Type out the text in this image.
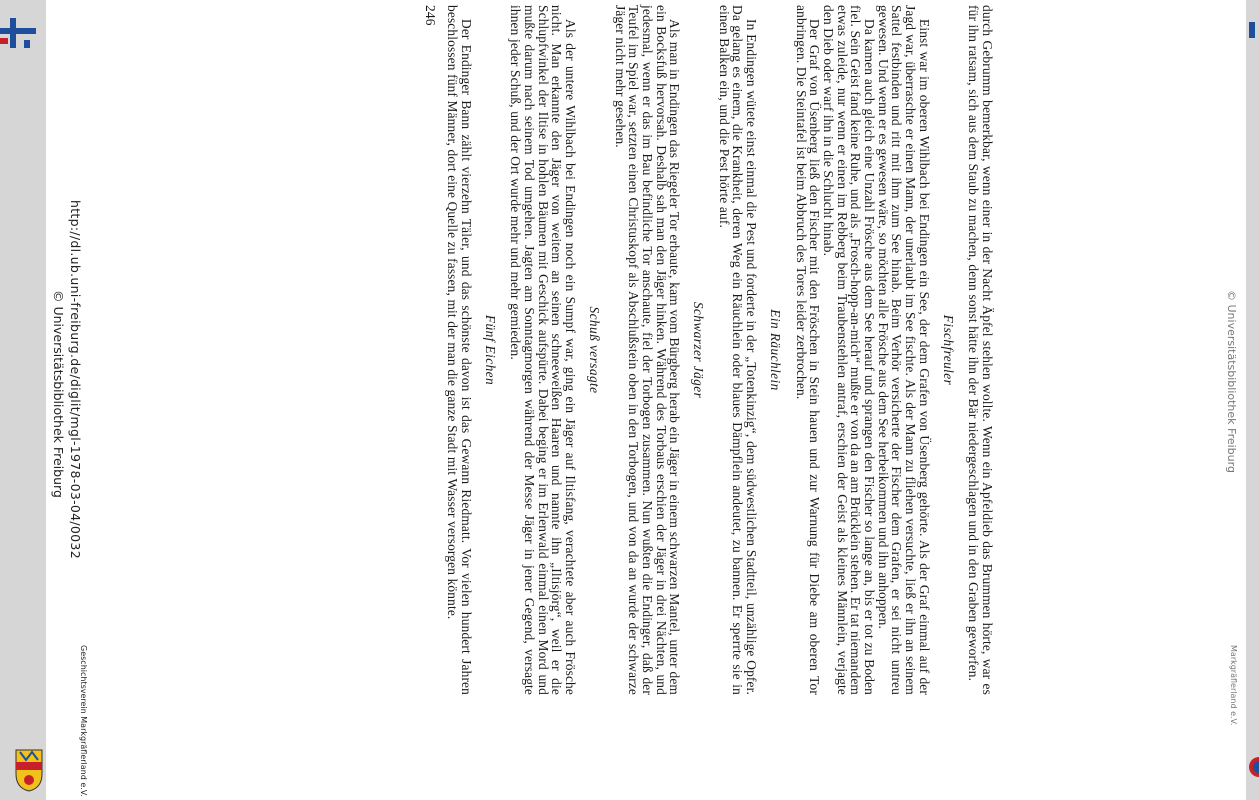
© Universitätsbibliothek Freiburg
Markgräflerland e.V.

durch Gebrumm bemerkbar, wenn einer in der Nacht Äpfel stehlen wollte. Wenn ein Apfeldieb das Brummen hörte, war es für ihn ratsam, sich aus dem Staub zu machen, denn sonst hätte ihn der Bär niedergeschlagen und in den Graben geworfen.

Fischfreuler

Einst war im oberen Wihlbach bei Endingen ein See, der dem Grafen von Üsenberg gehörte. Als der Graf einmal auf der Jagd war, überraschte er einen Mann, der unerlaubt im See fischte. Als der Mann zu fliehen versuchte, ließ er ihn an seinem Sattel festbinden und ritt mit ihm zum See hinab. Beim Verhör versicherte der Fischer dem Grafen, er sei nicht untreu gewesen. Und wenn er es gewesen wäre, so möchten alle Frösche aus dem See herbeikommen und ihn anhoppen.

Da kamen auch gleich eine Unzahl Frösche aus dem See herauf und sprangen den Fischer so lange an, bis er tot zu Boden fiel. Sein Geist fand keine Ruhe, und als „Frosch-hopp-an-mich“ mußte er von da an am Brücklein stehen. Er tat niemandem etwas zuleide, nur wenn er einen im Rebberg beim Traubenstehlen antraf, erschien der Geist als kleines Männlein, verjagte den Dieb oder warf ihn in die Schlucht hinab.

Der Graf von Üsenberg ließ den Fischer mit den Fröschen in Stein hauen und zur Warnung für Diebe am oberen Tor anbringen. Die Steintafel ist beim Abbruch des Tores leider zerbrochen.

Ein Räuchlein

In Endingen wütete einst einmal die Pest und forderte in der „Totenkinzig“, dem südwestlichen Stadtteil, unzählige Opfer. Da gelang es einem, die Krankheit, deren Weg ein Räuchlein oder blaues Dämpflein andeutet, zu bannen. Er sperrte sie in einen Balken ein, und die Pest hörte auf.

Schwarzer Jäger

Als man in Endingen das Riegeler Tor erbaute, kam vom Bürgberg herab ein Jäger in einem schwarzen Mantel, unter dem ein Bocksfuß hervorsah. Deshalb sah man den Jäger hinken. Während des Torbaus erschien der Jäger in drei Nächten, und jedesmal, wenn er das im Bau befindliche Tor anschaute, fiel der Torbogen zusammen. Nun wußten die Endinger, daß der Teufel im Spiel war, setzten einen Christuskopf als Abschlußstein oben in den Torbogen, und von da an wurde der schwarze Jäger nicht mehr gesehen.

Schuß versagte

Als der untere Wihlbach bei Endingen noch ein Sumpf war, ging ein Jäger auf Iltisfang, verachtete aber auch Frösche nicht. Man erkannte den Jäger von weitem an seinen schneeweißen Haaren und nannte ihn „Iltisjörg“, weil er die Schlupfwinkel der Iltise in hohlen Bäumen mit Geschick aufspürte. Dabei beging er im Erlenwald einmal einen Mord und mußte darum nach seinem Tod umgehen. Jagten am Sonntagmorgen während der Messe Jäger in jener Gegend, versagte ihnen jeder Schuß, und der Ort wurde mehr und mehr gemieden.

Fünf Eichen

Der Endinger Bann zählt vierzehn Täler, und das schönste davon ist das Gewann Riedmatt. Vor vielen hundert Jahren beschlossen fünf Männer, dort eine Quelle zu fassen, mit der man die ganze Stadt mit Wasser versorgen könnte.

246
http://dl.ub.uni-freiburg.de/diglit/mgl-1978-03-04/0032
© Universitätsbibliothek Freiburg
Geschichtsverein Markgräflerland e.V.
